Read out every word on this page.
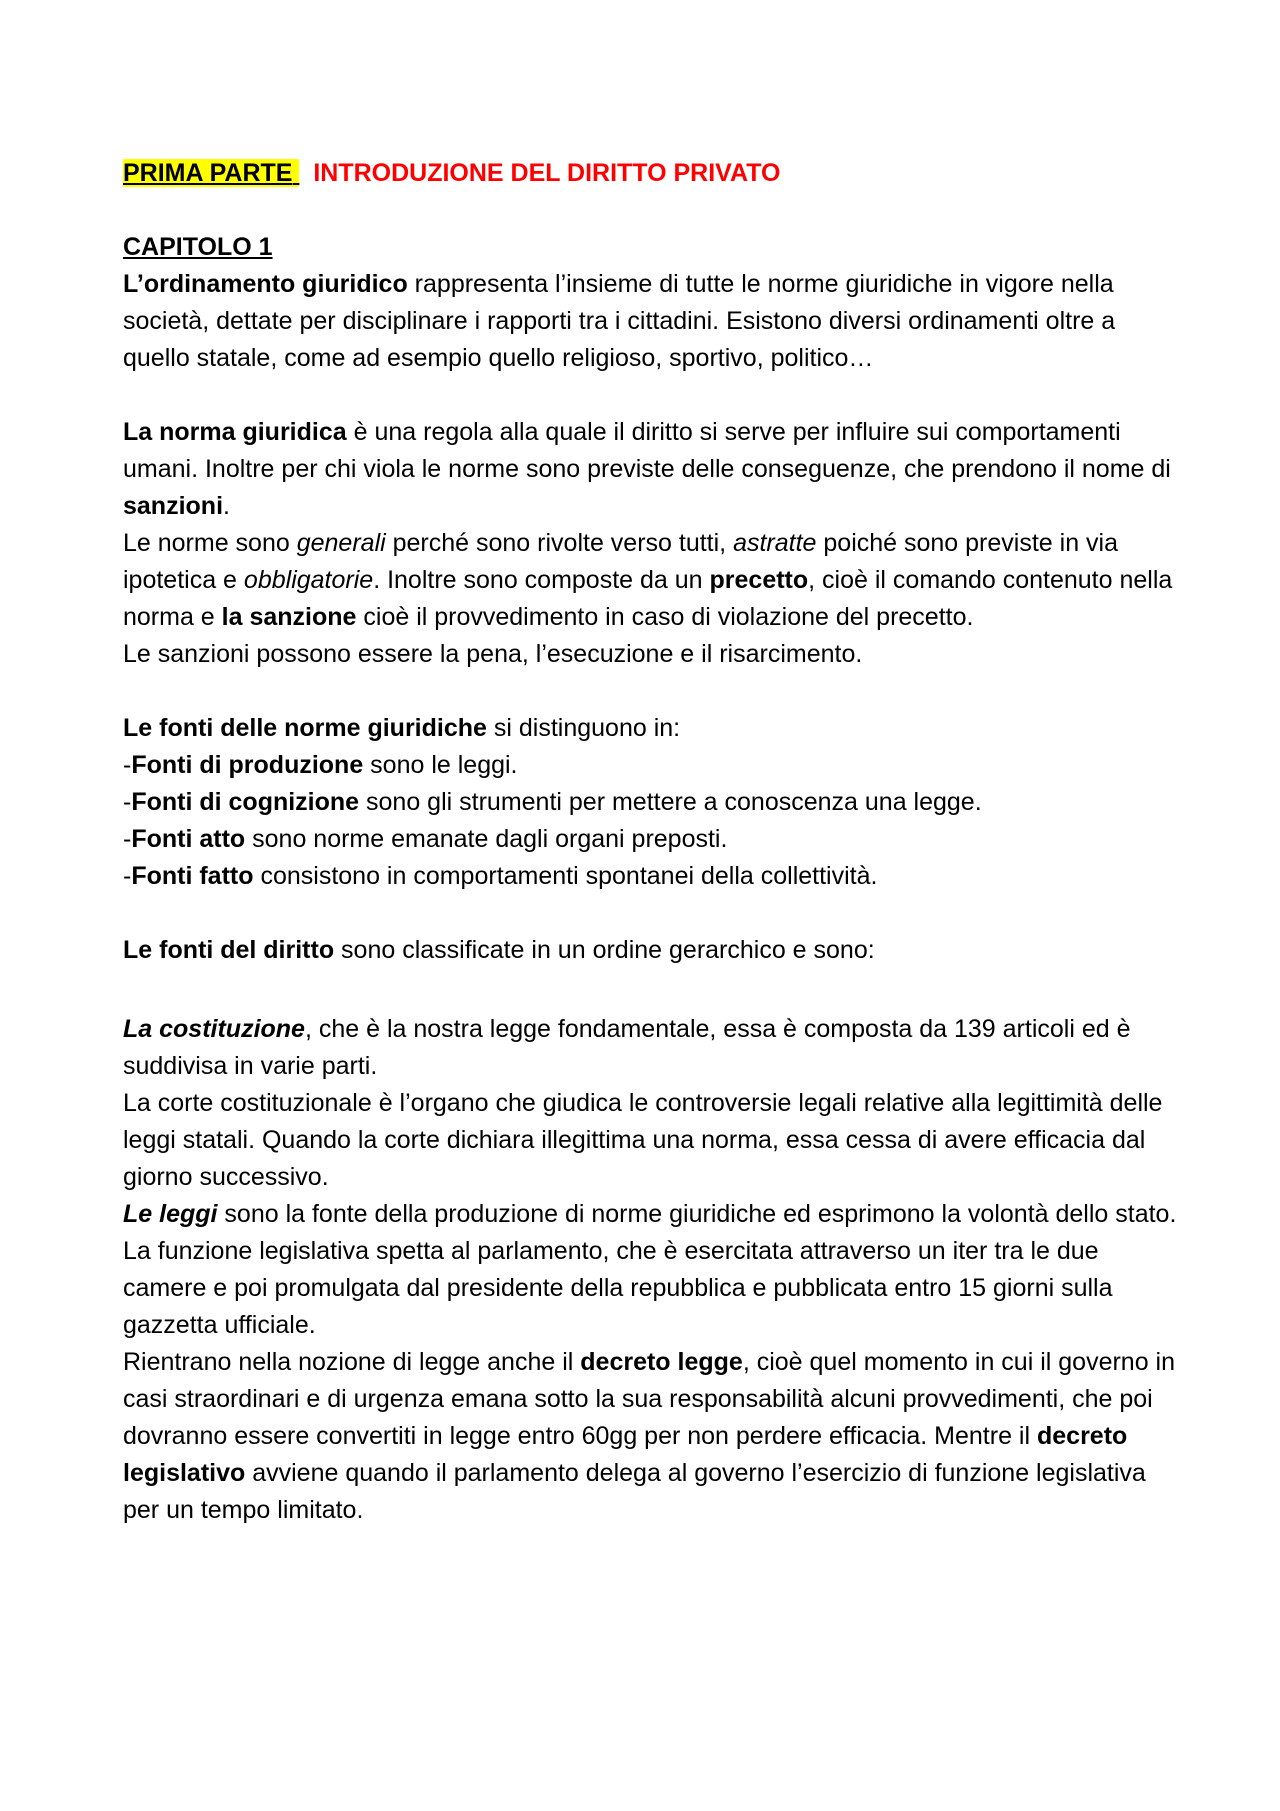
PRIMA PARTE INTRODUZIONE DEL DIRITTO PRIVATO

CAPITOLO 1

L’ordinamento giuridico rappresenta l’insieme di tutte le norme giuridiche in vigore nella società, dettate per disciplinare i rapporti tra i cittadini. Esistono diversi ordinamenti oltre a quello statale, come ad esempio quello religioso, sportivo, politico…

La norma giuridica è una regola alla quale il diritto si serve per influire sui comportamenti umani. Inoltre per chi viola le norme sono previste delle conseguenze, che prendono il nome di sanzioni.

Le norme sono generali perché sono rivolte verso tutti, astratte poiché sono previste in via ipotetica e obbligatorie. Inoltre sono composte da un precetto, cioè il comando contenuto nella norma e la sanzione cioè il provvedimento in caso di violazione del precetto.

Le sanzioni possono essere la pena, l’esecuzione e il risarcimento.

Le fonti delle norme giuridiche si distinguono in:

-Fonti di produzione sono le leggi.

-Fonti di cognizione sono gli strumenti per mettere a conoscenza una legge.

-Fonti atto sono norme emanate dagli organi preposti.

-Fonti fatto consistono in comportamenti spontanei della collettività.

Le fonti del diritto sono classificate in un ordine gerarchico e sono:

La costituzione, che è la nostra legge fondamentale, essa è composta da 139 articoli ed è suddivisa in varie parti.

La corte costituzionale è l’organo che giudica le controversie legali relative alla legittimità delle leggi statali. Quando la corte dichiara illegittima una norma, essa cessa di avere efficacia dal giorno successivo.

Le leggi sono la fonte della produzione di norme giuridiche ed esprimono la volontà dello stato.

La funzione legislativa spetta al parlamento, che è esercitata attraverso un iter tra le due camere e poi promulgata dal presidente della repubblica e pubblicata entro 15 giorni sulla gazzetta ufficiale.

Rientrano nella nozione di legge anche il decreto legge, cioè quel momento in cui il governo in casi straordinari e di urgenza emana sotto la sua responsabilità alcuni provvedimenti, che poi dovranno essere convertiti in legge entro 60gg per non perdere efficacia. Mentre il decreto legislativo avviene quando il parlamento delega al governo l’esercizio di funzione legislativa per un tempo limitato.
